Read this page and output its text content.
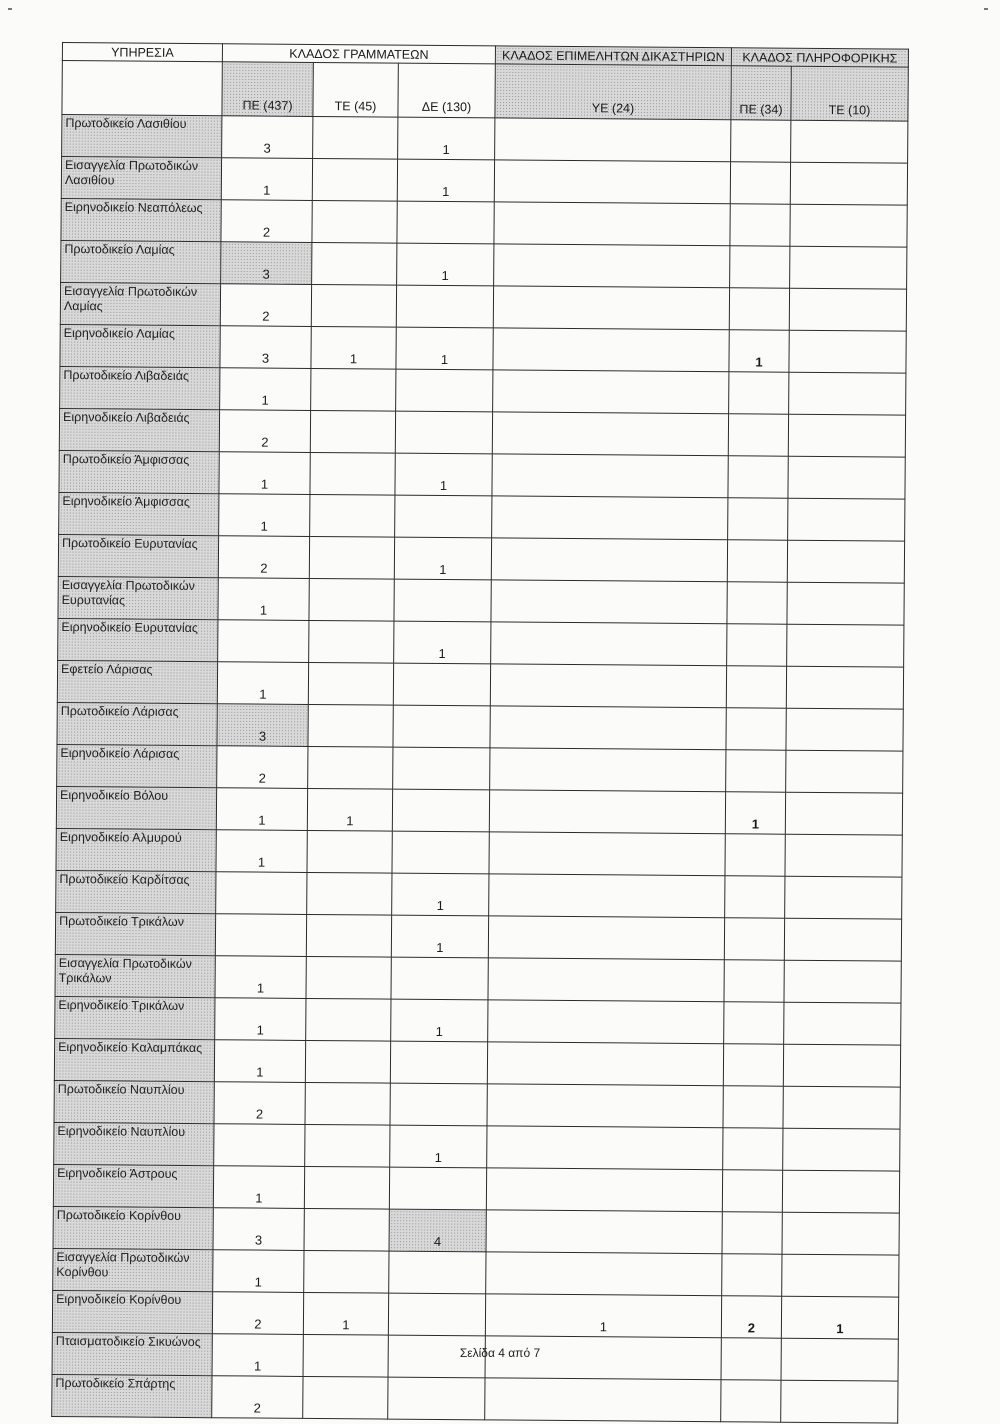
ΥΠΗΡΕΣΙΑ	ΚΛΑΔΟΣ ΓΡΑΜΜΑΤΕΩΝ			ΚΛΑΔΟΣ ΕΠΙΜΕΛΗΤΩΝ ΔΙΚΑΣΤΗΡΙΩΝ	ΚΛΑΔΟΣ ΠΛΗΡΟΦΟΡΙΚΗΣ	
	ΠΕ (437)	ΤΕ (45)	ΔΕ (130)	ΥΕ (24)	ΠΕ (34)	ΤΕ (10)
Πρωτοδικείο Λασιθίου	3		1			
Εισαγγελία Πρωτοδικών Λασιθίου	1		1			
Ειρηνοδικείο Νεαπόλεως	2					
Πρωτοδικείο Λαμίας	3		1			
Εισαγγελία Πρωτοδικών Λαμίας	2					
Ειρηνοδικείο Λαμίας	3	1	1		1	
Πρωτοδικείο Λιβαδειάς	1					
Ειρηνοδικείο Λιβαδειάς	2					
Πρωτοδικείο Άμφισσας	1		1			
Ειρηνοδικείο Άμφισσας	1					
Πρωτοδικείο Ευρυτανίας	2		1			
Εισαγγελία Πρωτοδικών Ευρυτανίας	1					
Ειρηνοδικείο Ευρυτανίας			1			
Εφετείο Λάρισας	1					
Πρωτοδικείο Λάρισας	3					
Ειρηνοδικείο Λάρισας	2					
Ειρηνοδικείο Βόλου	1	1			1	
Ειρηνοδικείο Αλμυρού	1					
Πρωτοδικείο Καρδίτσας			1			
Πρωτοδικείο Τρικάλων			1			
Εισαγγελία Πρωτοδικών Τρικάλων	1					
Ειρηνοδικείο Τρικάλων	1		1			
Ειρηνοδικείο Καλαμπάκας	1					
Πρωτοδικείο Ναυπλίου	2					
Ειρηνοδικείο Ναυπλίου			1			
Ειρηνοδικείο Άστρους	1					
Πρωτοδικείο Κορίνθου	3		4			
Εισαγγελία Πρωτοδικών Κορίνθου	1					
Ειρηνοδικείο Κορίνθου	2	1		1	2	1
Πταισματοδικείο Σικυώνος	1					
Πρωτοδικείο Σπάρτης	2					
Σελίδα 4 από 7
